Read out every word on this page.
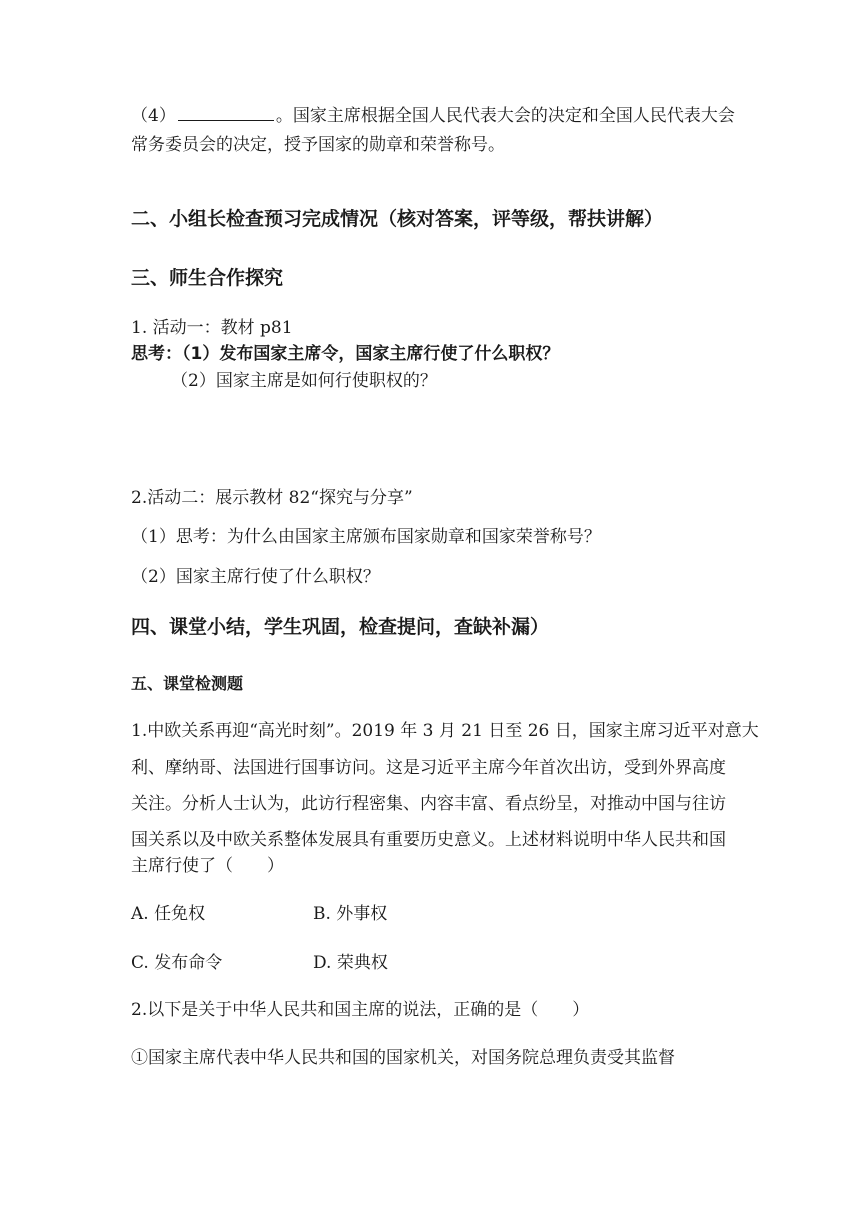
（4）	。国家主席根据全国人民代表大会的决定和全国人民代表大会
常务委员会的决定，授予国家的勋章和荣誉称号。
二、小组长检查预习完成情况（核对答案，评等级，帮扶讲解）
三、师生合作探究
1. 活动一：教材 p81
思考：（1）发布国家主席令，国家主席行使了什么职权？
（2）国家主席是如何行使职权的？
2.活动二：展示教材 82“探究与分享”
（1）思考：为什么由国家主席颁布国家勋章和国家荣誉称号？
（2）国家主席行使了什么职权？
四、课堂小结，学生巩固，检查提问，查缺补漏）
五、课堂检测题
1.中欧关系再迎“高光时刻”。2019 年 3 月 21 日至 26 日，国家主席习近平对意大
利、摩纳哥、法国进行国事访问。这是习近平主席今年首次出访，受到外界高度
关注。分析人士认为，此访行程密集、内容丰富、看点纷呈，对推动中国与往访
国关系以及中欧关系整体发展具有重要历史意义。上述材料说明中华人民共和国
主席行使了（　　）
A. 任免权	B. 外事权
C. 发布命令	D. 荣典权
2.以下是关于中华人民共和国主席的说法，正确的是（　　）
①国家主席代表中华人民共和国的国家机关，对国务院总理负责受其监督
